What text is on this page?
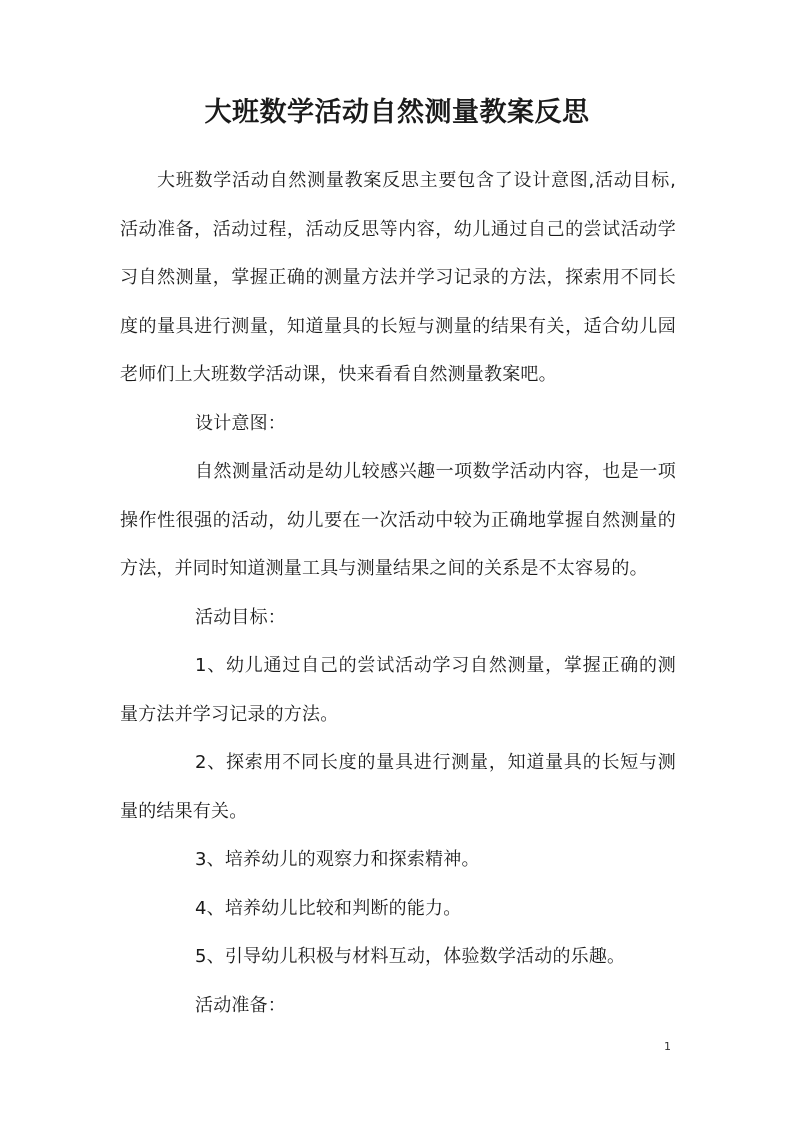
大班数学活动自然测量教案反思

大班数学活动自然测量教案反思主要包含了设计意图,活动目标,活动准备，活动过程，活动反思等内容，幼儿通过自己的尝试活动学习自然测量，掌握正确的测量方法并学习记录的方法，探索用不同长度的量具进行测量，知道量具的长短与测量的结果有关，适合幼儿园老师们上大班数学活动课，快来看看自然测量教案吧。

设计意图：

自然测量活动是幼儿较感兴趣一项数学活动内容，也是一项操作性很强的活动，幼儿要在一次活动中较为正确地掌握自然测量的方法，并同时知道测量工具与测量结果之间的关系是不太容易的。

活动目标：

1、幼儿通过自己的尝试活动学习自然测量，掌握正确的测量方法并学习记录的方法。

2、探索用不同长度的量具进行测量，知道量具的长短与测量的结果有关。

3、培养幼儿的观察力和探索精神。

4、培养幼儿比较和判断的能力。

5、引导幼儿积极与材料互动，体验数学活动的乐趣。

活动准备：

1
